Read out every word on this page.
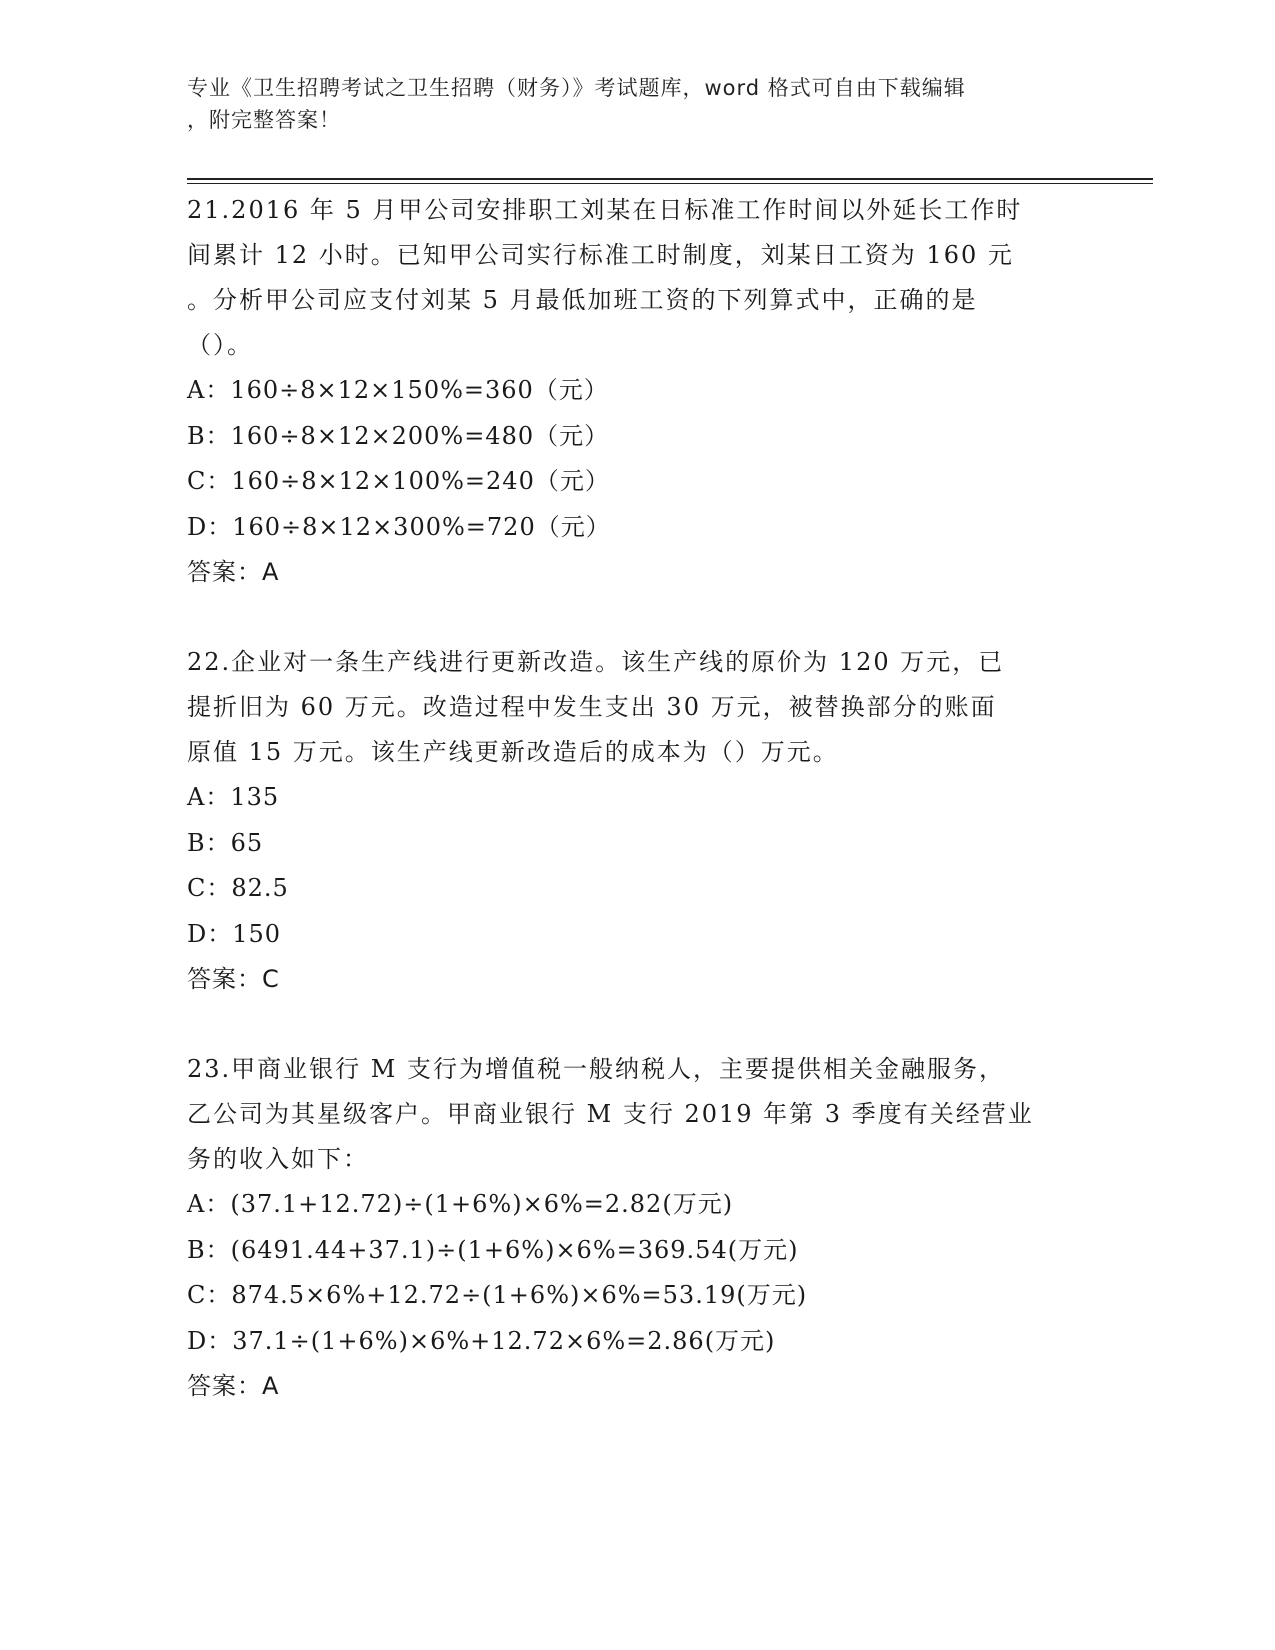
专业《卫生招聘考试之卫生招聘（财务）》考试题库，word 格式可自由下载编辑
，附完整答案！
21.2016 年 5 月甲公司安排职工刘某在日标准工作时间以外延长工作时
间累计 12 小时。已知甲公司实行标准工时制度，刘某日工资为 160 元
。分析甲公司应支付刘某 5 月最低加班工资的下列算式中，正确的是
（）。
A：160÷8×12×150%=360（元）
B：160÷8×12×200%=480（元）
C：160÷8×12×100%=240（元）
D：160÷8×12×300%=720（元）
答案：A
22.企业对一条生产线进行更新改造。该生产线的原价为 120 万元，已
提折旧为 60 万元。改造过程中发生支出 30 万元，被替换部分的账面
原值 15 万元。该生产线更新改造后的成本为（）万元。
A：135
B：65
C：82.5
D：150
答案：C
23.甲商业银行 M 支行为增值税一般纳税人，主要提供相关金融服务，
乙公司为其星级客户。甲商业银行 M 支行 2019 年第 3 季度有关经营业
务的收入如下：
A：(37.1+12.72)÷(1+6%)×6%=2.82(万元)
B：(6491.44+37.1)÷(1+6%)×6%=369.54(万元)
C：874.5×6%+12.72÷(1+6%)×6%=53.19(万元)
D：37.1÷(1+6%)×6%+12.72×6%=2.86(万元)
答案：A
